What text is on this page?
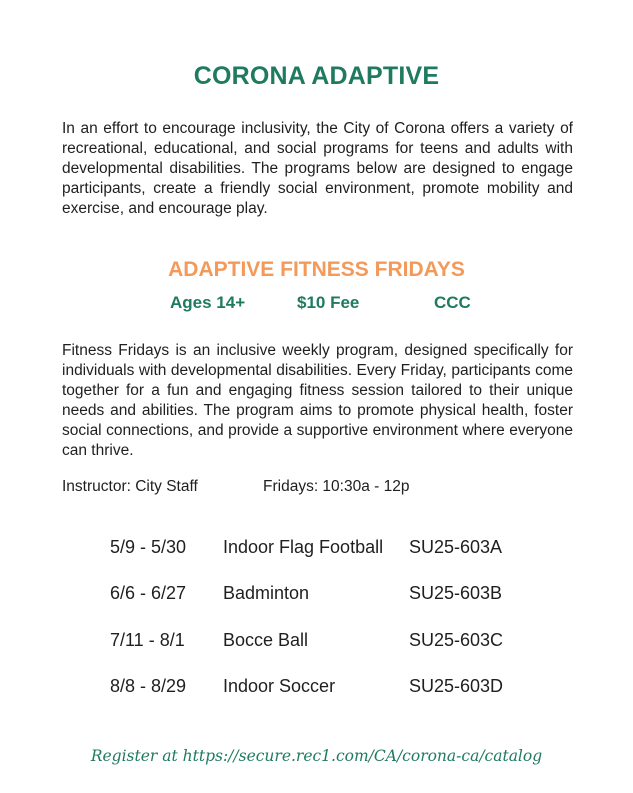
CORONA ADAPTIVE
In an effort to encourage inclusivity, the City of Corona offers a variety of recreational, educational, and social programs for teens and adults with developmental disabilities. The programs below are designed to engage participants, create a friendly social environment, promote mobility and exercise, and encourage play.
ADAPTIVE FITNESS FRIDAYS
Ages 14+	$10 Fee	CCC
Fitness Fridays is an inclusive weekly program, designed specifically for individuals with developmental disabilities. Every Friday, participants come together for a fun and engaging fitness session tailored to their unique needs and abilities. The program aims to promote physical health, foster social connections, and provide a supportive environment where everyone can thrive.
Instructor: City Staff	Fridays: 10:30a - 12p
5/9 - 5/30 Indoor Flag Football SU25-603A
6/6 - 6/27 Badminton	SU25-603B
7/11 - 8/1 Bocce Ball	SU25-603C
8/8 - 8/29 Indoor Soccer	SU25-603D
Register at https://secure.rec1.com/CA/corona-ca/catalog
